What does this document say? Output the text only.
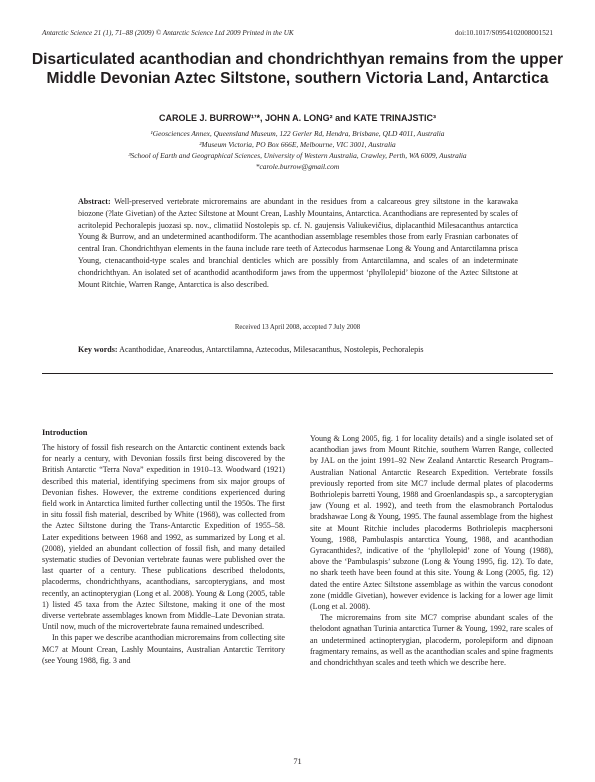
Antarctic Science 21 (1), 71–88 (2009) © Antarctic Science Ltd 2009 Printed in the UK	doi:10.1017/S0954102008001521
Disarticulated acanthodian and chondrichthyan remains from the upper Middle Devonian Aztec Siltstone, southern Victoria Land, Antarctica
CAROLE J. BURROW¹ʼ*, JOHN A. LONG² and KATE TRINAJSTIC³
¹Geosciences Annex, Queensland Museum, 122 Gerler Rd, Hendra, Brisbane, QLD 4011, Australia
²Museum Victoria, PO Box 666E, Melbourne, VIC 3001, Australia
³School of Earth and Geographical Sciences, University of Western Australia, Crawley, Perth, WA 6009, Australia
*carole.burrow@gmail.com
Abstract: Well-preserved vertebrate microremains are abundant in the residues from a calcareous grey siltstone in the karawaka biozone (?late Givetian) of the Aztec Siltstone at Mount Crean, Lashly Mountains, Antarctica. Acanthodians are represented by scales of acritolepid Pechoralepis juozasi sp. nov., climatiid Nostolepis sp. cf. N. gaujensis Valiukevičius, diplacanthid Milesacanthus antarctica Young & Burrow, and an undetermined acanthodiform. The acanthodian assemblage resembles those from early Frasnian carbonates of central Iran. Chondrichthyan elements in the fauna include rare teeth of Aztecodus harmsenae Long & Young and Antarctilamna prisca Young, ctenacanthoid-type scales and branchial denticles which are possibly from Antarctilamna, and scales of an indeterminate chondrichthyan. An isolated set of acanthodid acanthodiform jaws from the uppermost ‘phyllolepid’ biozone of the Aztec Siltstone at Mount Ritchie, Warren Range, Antarctica is also described.
Received 13 April 2008, accepted 7 July 2008
Key words: Acanthodidae, Anareodus, Antarctilamna, Aztecodus, Milesacanthus, Nostolepis, Pechoralepis
Introduction

The history of fossil fish research on the Antarctic continent extends back for nearly a century, with Devonian fossils first being discovered by the British Antarctic “Terra Nova” expedition in 1910–13. Woodward (1921) described this material, identifying specimens from six major groups of Devonian fishes. However, the extreme conditions experienced during field work in Antarctica limited further collecting until the 1950s. The first in situ fossil fish material, described by White (1968), was collected from the Aztec Siltstone during the Trans-Antarctic Expedition of 1955–58. Later expeditions between 1968 and 1992, as summarized by Long et al. (2008), yielded an abundant collection of fossil fish, and many detailed systematic studies of Devonian vertebrate faunas were published over the last quarter of a century. These publications described thelodonts, placoderms, chondrichthyans, acanthodians, sarcopterygians, and most recently, an actinopterygian (Long et al. 2008). Young & Long (2005, table 1) listed 45 taxa from the Aztec Siltstone, making it one of the most diverse vertebrate assemblages known from Middle–Late Devonian strata. Until now, much of the microvertebrate fauna remained undescribed.

In this paper we describe acanthodian microremains from collecting site MC7 at Mount Crean, Lashly Mountains, Australian Antarctic Territory (see Young 1988, fig. 3 and

Young & Long 2005, fig. 1 for locality details) and a single isolated set of acanthodian jaws from Mount Ritchie, southern Warren Range, collected by JAL on the joint 1991–92 New Zealand Antarctic Research Program–Australian National Antarctic Research Expedition. Vertebrate fossils previously reported from site MC7 include dermal plates of placoderms Bothriolepis barretti Young, 1988 and Groenlandaspis sp., a sarcopterygian jaw (Young et al. 1992), and teeth from the elasmobranch Portalodus bradshawae Long & Young, 1995. The faunal assemblage from the highest site at Mount Ritchie includes placoderms Bothriolepis macphersoni Young, 1988, Pambulaspis antarctica Young, 1988, and acanthodian Gyracanthides?, indicative of the ‘phyllolepid’ zone of Young (1988), above the ‘Pambulaspis’ subzone (Long & Young 1995, fig. 12). To date, no shark teeth have been found at this site. Young & Long (2005, fig. 12) dated the entire Aztec Siltstone assemblage as within the varcus conodont zone (middle Givetian), however evidence is lacking for a lower age limit (Long et al. 2008).

The microremains from site MC7 comprise abundant scales of the thelodont agnathan Turinia antarctica Turner & Young, 1992, rare scales of an undetermined actinopterygian, placoderm, porolepiform and dipnoan fragmentary remains, as well as the acanthodian scales and spine fragments and chondrichthyan scales and teeth which we describe here.

71
